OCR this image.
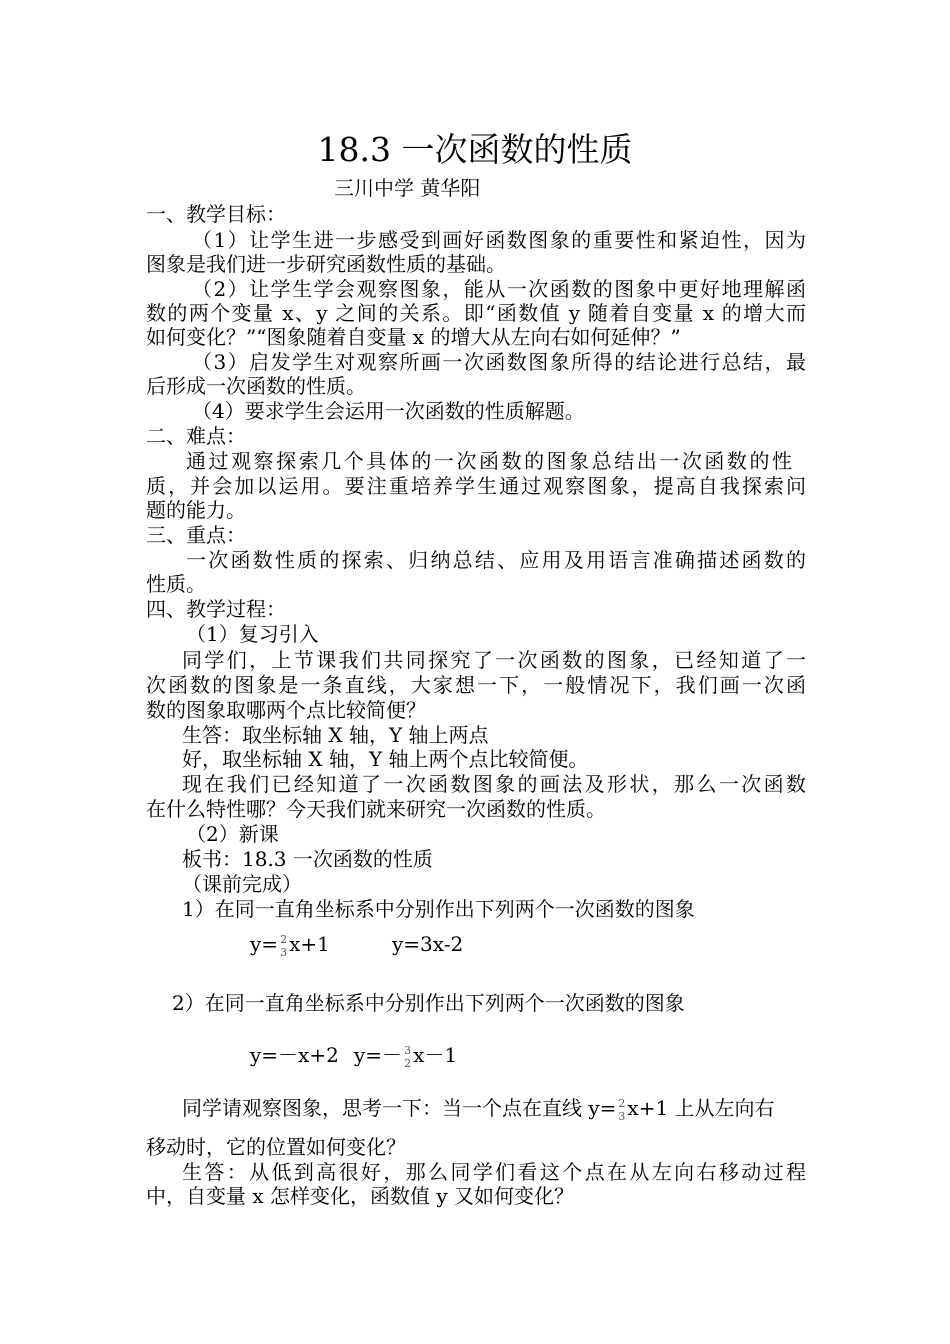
18.3 一次函数的性质
三川中学 黄华阳
一、教学目标：
（1）让学生进一步感受到画好函数图象的重要性和紧迫性，因为
图象是我们进一步研究函数性质的基础。
（2）让学生学会观察图象，能从一次函数的图象中更好地理解函
数的两个变量 x、y 之间的关系。即“函数值 y 随着自变量 x 的增大而
如何变化？”“图象随着自变量 x 的增大从左向右如何延伸？”
（3）启发学生对观察所画一次函数图象所得的结论进行总结，最
后形成一次函数的性质。
（4）要求学生会运用一次函数的性质解题。
二、难点：
通过观察探索几个具体的一次函数的图象总结出一次函数的性
质，并会加以运用。要注重培养学生通过观察图象，提高自我探索问
题的能力。
三、重点：
一次函数性质的探索、归纳总结、应用及用语言准确描述函数的
性质。
四、教学过程：
（1）复习引入
同学们，上节课我们共同探究了一次函数的图象，已经知道了一
次函数的图象是一条直线，大家想一下，一般情况下，我们画一次函
数的图象取哪两个点比较简便？
生答：取坐标轴 X 轴，Y 轴上两点
好，取坐标轴 X 轴，Y 轴上两个点比较简便。
现在我们已经知道了一次函数图象的画法及形状，那么一次函数
在什么特性哪？今天我们就来研究一次函数的性质。
（2）新课
板书：18.3 一次函数的性质
（课前完成）
1）在同一直角坐标系中分别作出下列两个一次函数的图象
y= 2
3 x+1	y=3x-2
2）在同一直角坐标系中分别作出下列两个一次函数的图象
y=－x+2 y=－ 3
2 x－1
同学请观察图象，思考一下：当一个点在直线 y= 2
3 x+1 上从左向右
移动时，它的位置如何变化？
生答：从低到高很好，那么同学们看这个点在从左向右移动过程
中，自变量 x 怎样变化，函数值 y 又如何变化？
